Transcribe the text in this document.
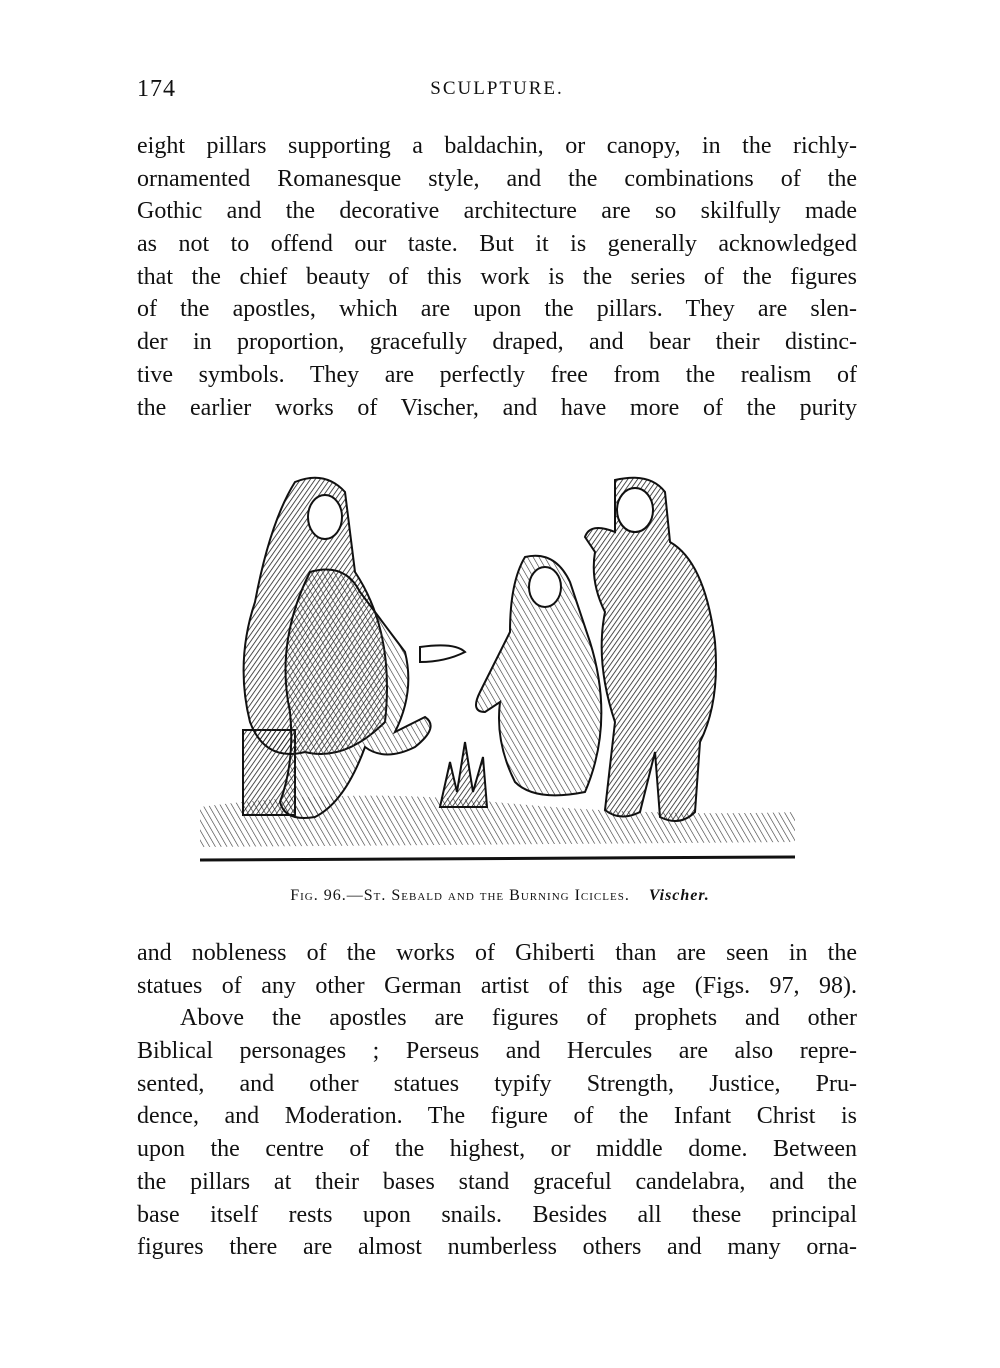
174	SCULPTURE.
eight pillars supporting a baldachin, or canopy, in the richly-
ornamented Romanesque style, and the combinations of the
Gothic and the decorative architecture are so skilfully made
as not to offend our taste. But it is generally acknowledged
that the chief beauty of this work is the series of the figures
of the apostles, which are upon the pillars. They are slen-
der in proportion, gracefully draped, and bear their distinc-
tive symbols. They are perfectly free from the realism of
the earlier works of Vischer, and have more of the purity
Fig. 96.—St. Sebald and the Burning Icicles. Vischer.
and nobleness of the works of Ghiberti than are seen in the
statues of any other German artist of this age (Figs. 97, 98).
Above the apostles are figures of prophets and other
Biblical personages ; Perseus and Hercules are also repre-
sented, and other statues typify Strength, Justice, Pru-
dence, and Moderation. The figure of the Infant Christ is
upon the centre of the highest, or middle dome. Between
the pillars at their bases stand graceful candelabra, and the
base itself rests upon snails. Besides all these principal
figures there are almost numberless others and many orna-
